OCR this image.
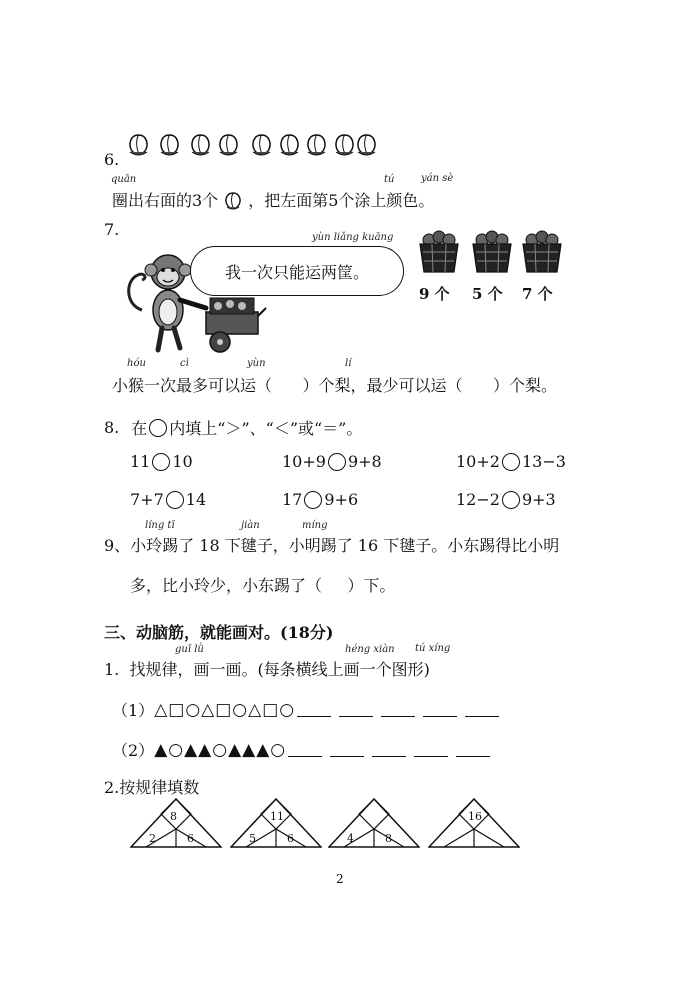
6.
quān	tú	yán sè
圈出右面的3个 ，把左面第5个涂上颜色。
7.
我一次只能运两筐。
yùn liǎng kuāng
9 个 5 个 7 个
hóu	cì	yùn	lí
小猴一次最多可以运（      ）个梨，最少可以运（      ）个梨。
8. 在 内填上“＞”、“＜”或“＝”。
11 10	10+9 9+8	10+2 13−3
7+7 14	17 9+6	12−2 9+3
líng tī	jiàn	míng
9、小玲踢了 18 下毽子，小明踢了 16 下毽子。小东踢得比小明
多，比小玲少，小东踢了（     ）下。
三、动脑筋，就能画对。(18分)
guī lǜ	héng xiàn tú xíng
1.  找规律，画一画。(每条横线上画一个图形)
（1） △□○△□○△□○
（2） ▲○▲▲○▲▲▲○
2.按规律填数
8
2	6
11
5	6	4	8
16
2
